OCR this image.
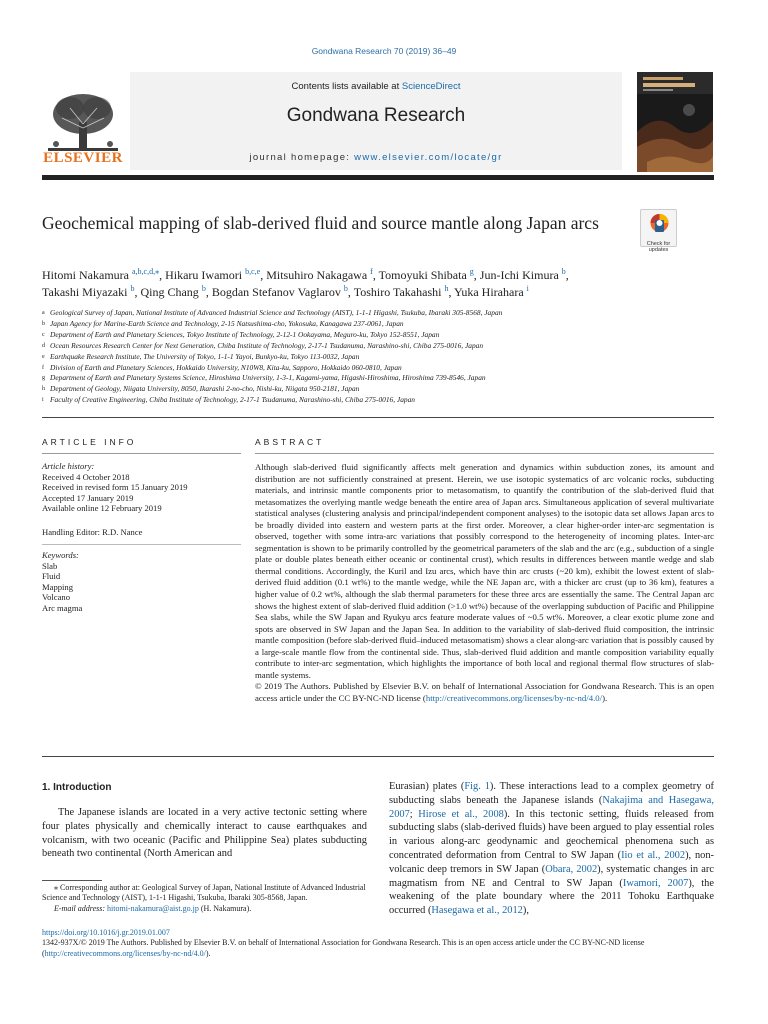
Gondwana Research 70 (2019) 36–49
ELSEVIER
Contents lists available at ScienceDirect
Gondwana Research
journal homepage: www.elsevier.com/locate/gr
Geochemical mapping of slab-derived fluid and source mantle along Japan arcs
Check for updates
Hitomi Nakamura $^{a,b,c,d,⁎}$, Hikaru Iwamori $^{b,c,e}$, Mitsuhiro Nakagawa $^f$, Tomoyuki Shibata $^g$, Jun-Ichi Kimura $^b$,
Takashi Miyazaki $^b$, Qing Chang $^b$, Bogdan Stefanov Vaglarov $^b$, Toshiro Takahashi $^h$, Yuka Hirahara $^i$
a Geological Survey of Japan, National Institute of Advanced Industrial Science and Technology (AIST), 1-1-1 Higashi, Tsukuba, Ibaraki 305-8568, Japan
b Japan Agency for Marine-Earth Science and Technology, 2-15 Natsushima-cho, Yokosuka, Kanagawa 237-0061, Japan
c Department of Earth and Planetary Sciences, Tokyo Institute of Technology, 2-12-1 Ookayama, Meguro-ku, Tokyo 152-8551, Japan
d Ocean Resources Research Center for Next Generation, Chiba Institute of Technology, 2-17-1 Tsudanuma, Narashino-shi, Chiba 275-0016, Japan
e Earthquake Research Institute, The University of Tokyo, 1-1-1 Yayoi, Bunkyo-ku, Tokyo 113-0032, Japan
f Division of Earth and Planetary Sciences, Hokkaido University, N10W8, Kita-ku, Sapporo, Hokkaido 060-0810, Japan
g Department of Earth and Planetary Systems Science, Hiroshima University, 1-3-1, Kagami-yama, Higashi-Hiroshima, Hiroshima 739-8546, Japan
h Department of Geology, Niigata University, 8050, Ikarashi 2-no-cho, Nishi-ku, Niigata 950-2181, Japan
i Faculty of Creative Engineering, Chiba Institute of Technology, 2-17-1 Tsudanuma, Narashino-shi, Chiba 275-0016, Japan
ARTICLE INFO	ABSTRACT
Article history:
Received 4 October 2018
Received in revised form 15 January 2019
Accepted 17 January 2019
Available online 12 February 2019
Handling Editor: R.D. Nance
Keywords:
Slab
Fluid
Mapping
Volcano
Arc magma

Although slab-derived fluid significantly affects melt generation and dynamics within subduction zones, its amount and distribution are not sufficiently constrained at present. Herein, we use isotopic systematics of arc volcanic rocks, subducting materials, and intrinsic mantle components prior to metasomatism, to quantify the contribution of the slab-derived fluid that metasomatizes the overlying mantle wedge beneath the entire area of Japan arcs. Simultaneous application of several multivariate statistical analyses (clustering analysis and principal/independent component analyses) to the isotopic data set allows Japan arcs to be broadly divided into eastern and western parts at the first order. Moreover, a clear higher-order inter-arc segmentation is observed, together with some intra-arc variations that possibly correspond to the heterogeneity of incoming plates. Inter-arc segmentation is shown to be primarily controlled by the geometrical parameters of the slab and the arc (e.g., subduction of a single plate or double plates beneath either oceanic or continental crust), which results in differences between mantle wedge and slab thermal conditions. Accordingly, the Kuril and Izu arcs, which have thin arc crusts (~20 km), exhibit the lowest extent of slab-derived fluid addition (0.1 wt%) to the mantle wedge, while the NE Japan arc, with a thicker arc crust (up to 36 km), features a higher value of 0.2 wt%, although the slab thermal parameters for these three arcs are essentially the same. The Central Japan arc shows the highest extent of slab-derived fluid addition (>1.0 wt%) because of the overlapping subduction of Pacific and Philippine Sea slabs, while the SW Japan and Ryukyu arcs feature moderate values of ~0.5 wt%. Moreover, a clear exotic plume zone and spots are observed in SW Japan and the Japan Sea. In addition to the variability of slab-derived fluid composition, the intrinsic mantle composition (before slab-derived fluid–induced metasomatism) shows a clear along-arc variation that is possibly caused by a large-scale mantle flow from the continental side. Thus, slab-derived fluid addition and mantle composition variability equally contribute to inter-arc segmentation, which highlights the importance of both local and regional thermal flow structures of slab-mantle systems.

© 2019 The Authors. Published by Elsevier B.V. on behalf of International Association for Gondwana Research. This is an open access article under the CC BY-NC-ND license (http://creativecommons.org/licenses/by-nc-nd/4.0/).

1. Introduction

The Japanese islands are located in a very active tectonic setting where four plates physically and chemically interact to cause earthquakes and volcanism, with two oceanic (Pacific and Philippine Sea) plates subducting beneath two continental (North American and

Eurasian) plates (Fig. 1). These interactions lead to a complex geometry of subducting slabs beneath the Japanese islands (Nakajima and Hasegawa, 2007; Hirose et al., 2008). In this tectonic setting, fluids released from subducting slabs (slab-derived fluids) have been argued to play essential roles in various along-arc geodynamic and geochemical phenomena such as concentrated deformation from Central to SW Japan (Iio et al., 2002), non-volcanic deep tremors in SW Japan (Obara, 2002), systematic changes in arc magmatism from NE and Central to SW Japan (Iwamori, 2007), the weakening of the plate boundary where the 2011 Tohoku Earthquake occurred (Hasegawa et al., 2012),

⁎ Corresponding author at: Geological Survey of Japan, National Institute of Advanced Industrial Science and Technology (AIST), 1-1-1 Higashi, Tsukuba, Ibaraki 305-8568, Japan.
E-mail address: hitomi-nakamura@aist.go.jp (H. Nakamura).
https://doi.org/10.1016/j.gr.2019.01.007
1342-937X/© 2019 The Authors. Published by Elsevier B.V. on behalf of International Association for Gondwana Research. This is an open access article under the CC BY-NC-ND license
(http://creativecommons.org/licenses/by-nc-nd/4.0/).
